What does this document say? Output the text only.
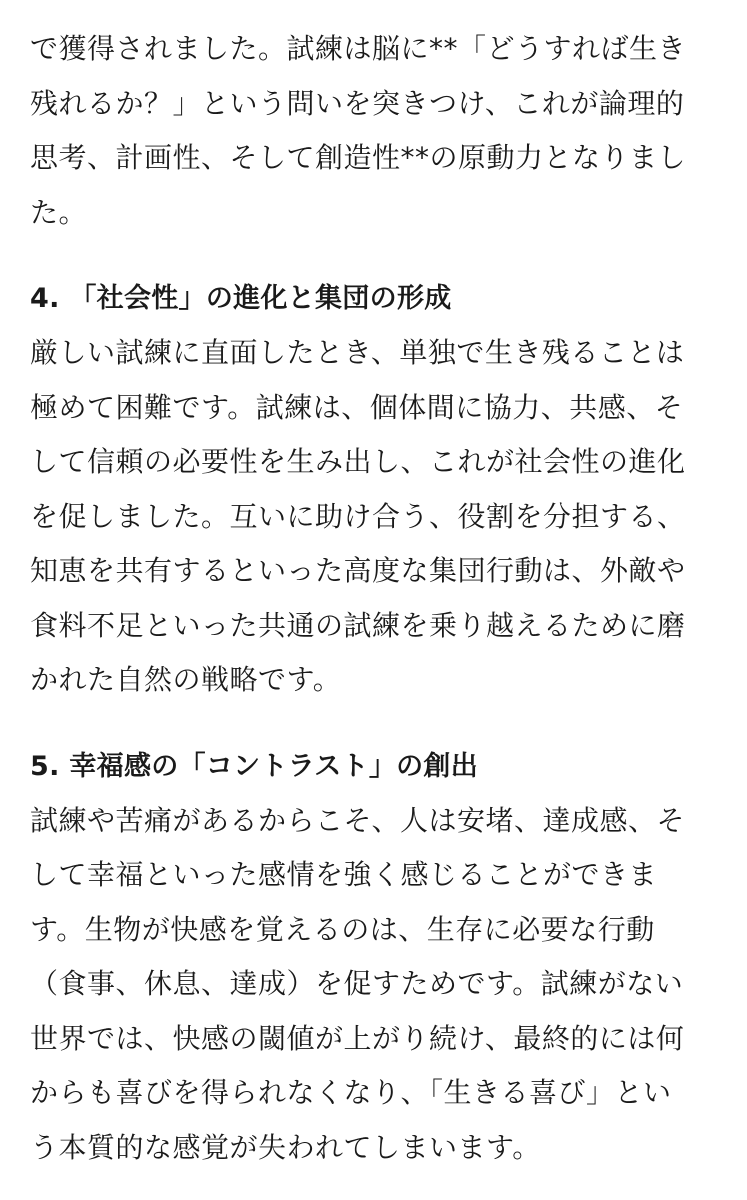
で獲得されました。試練は脳に**「どうすれば生き
残れるか？」という問いを突きつけ、これが論理的
思考、計画性、そして創造性**の原動力となりまし
た。

4. 「社会性」の進化と集団の形成

厳しい試練に直面したとき、単独で生き残ることは
極めて困難です。試練は、個体間に協力、共感、そ
して信頼の必要性を生み出し、これが社会性の進化
を促しました。互いに助け合う、役割を分担する、
知恵を共有するといった高度な集団行動は、外敵や
食料不足といった共通の試練を乗り越えるために磨
かれた自然の戦略です。

5. 幸福感の「コントラスト」の創出

試練や苦痛があるからこそ、人は安堵、達成感、そ
して幸福といった感情を強く感じることができま
す。生物が快感を覚えるのは、生存に必要な行動
（食事、休息、達成）を促すためです。試練がない
世界では、快感の閾値が上がり続け、最終的には何
からも喜びを得られなくなり、「生きる喜び」とい
う本質的な感覚が失われてしまいます。
